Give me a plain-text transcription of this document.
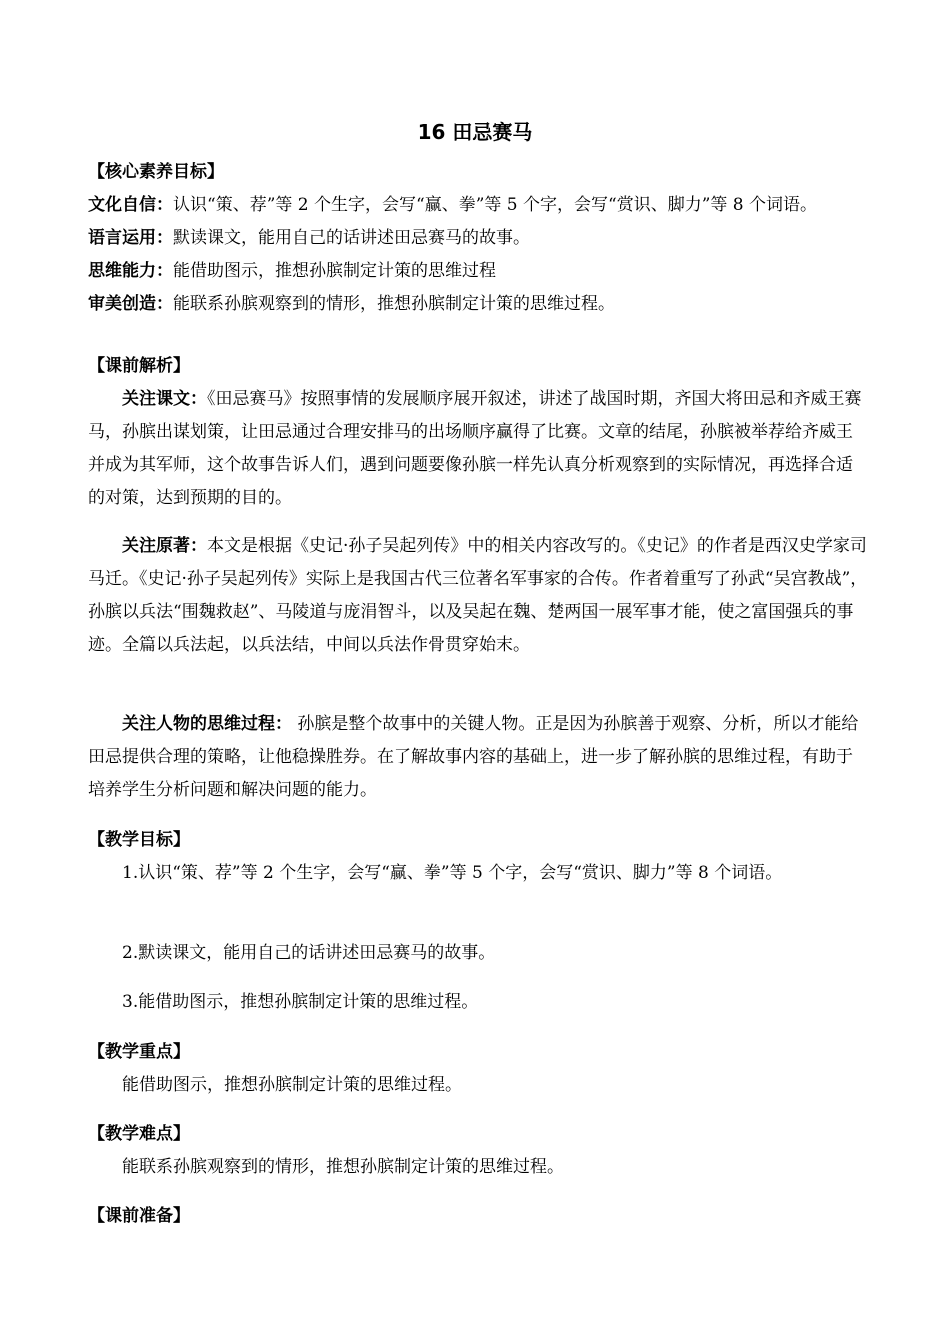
16 田忌赛马

【核心素养目标】

文化自信：认识“策、荐”等 2 个生字，会写“赢、拳”等 5 个字，会写“赏识、脚力”等 8 个词语。

语言运用：默读课文，能用自己的话讲述田忌赛马的故事。

思维能力：能借助图示，推想孙膑制定计策的思维过程

审美创造：能联系孙膑观察到的情形，推想孙膑制定计策的思维过程。

【课前解析】

关注课文：《田忌赛马》按照事情的发展顺序展开叙述，讲述了战国时期，齐国大将田忌和齐威王赛马，孙膑出谋划策，让田忌通过合理安排马的出场顺序赢得了比赛。文章的结尾，孙膑被举荐给齐威王并成为其军师，这个故事告诉人们，遇到问题要像孙膑一样先认真分析观察到的实际情况，再选择合适的对策，达到预期的目的。

关注原著：本文是根据《史记·孙子吴起列传》中的相关内容改写的。《史记》的作者是西汉史学家司马迁。《史记·孙子吴起列传》实际上是我国古代三位著名军事家的合传。作者着重写了孙武“吴宫教战”，孙膑以兵法“围魏救赵”、马陵道与庞涓智斗，以及吴起在魏、楚两国一展军事才能，使之富国强兵的事迹。全篇以兵法起，以兵法结，中间以兵法作骨贯穿始末。

关注人物的思维过程： 孙膑是整个故事中的关键人物。正是因为孙膑善于观察、分析，所以才能给田忌提供合理的策略，让他稳操胜券。在了解故事内容的基础上，进一步了解孙膑的思维过程，有助于培养学生分析问题和解决问题的能力。

【教学目标】

1.认识“策、荐”等 2 个生字，会写“赢、拳”等 5 个字，会写“赏识、脚力”等 8 个词语。

2.默读课文，能用自己的话讲述田忌赛马的故事。

3.能借助图示，推想孙膑制定计策的思维过程。

【教学重点】

能借助图示，推想孙膑制定计策的思维过程。

【教学难点】

能联系孙膑观察到的情形，推想孙膑制定计策的思维过程。

【课前准备】
